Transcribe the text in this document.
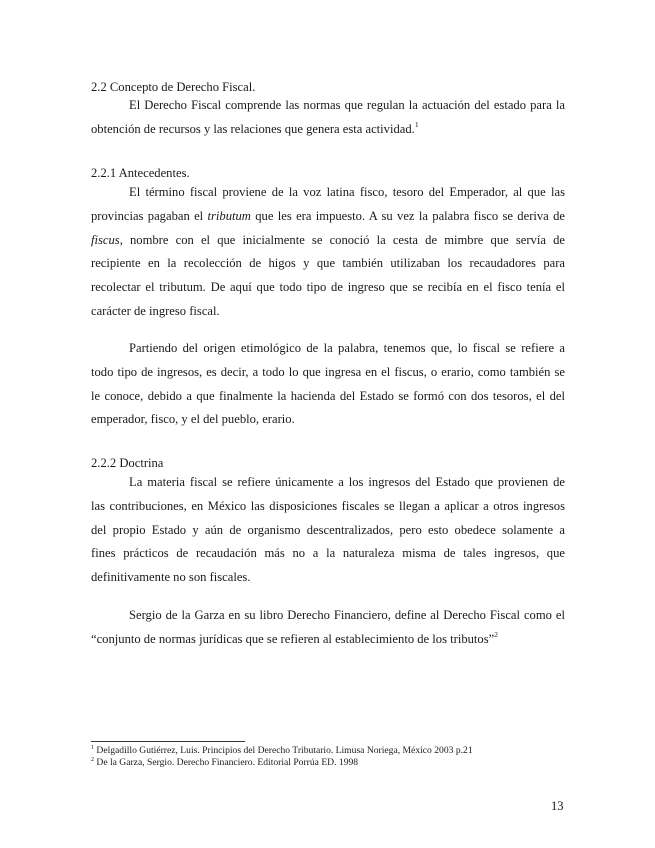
2.2 Concepto de Derecho Fiscal.
El Derecho Fiscal comprende las normas que regulan la actuación del estado para la
obtención de recursos y las relaciones que genera esta actividad.$^1$
2.2.1 Antecedentes.
El término fiscal proviene de la voz latina fisco, tesoro del Emperador, al que las
provincias pagaban el tributum que les era impuesto. A su vez la palabra fisco se deriva de
fiscus, nombre con el que inicialmente se conoció la cesta de mimbre que servía de
recipiente en la recolección de higos y que también utilizaban los recaudadores para
recolectar el tributum. De aquí que todo tipo de ingreso que se recibía en el fisco tenía el
carácter de ingreso fiscal.
Partiendo del origen etimológico de la palabra, tenemos que, lo fiscal se refiere a
todo tipo de ingresos, es decir, a todo lo que ingresa en el fiscus, o erario, como también se
le conoce, debido a que finalmente la hacienda del Estado se formó con dos tesoros, el del
emperador, fisco, y el del pueblo, erario.
2.2.2 Doctrina
La materia fiscal se refiere únicamente a los ingresos del Estado que provienen de
las contribuciones, en México las disposiciones fiscales se llegan a aplicar a otros ingresos
del propio Estado y aún de organismo descentralizados, pero esto obedece solamente a
fines prácticos de recaudación más no a la naturaleza misma de tales ingresos, que
definitivamente no son fiscales.
Sergio de la Garza en su libro Derecho Financiero, define al Derecho Fiscal como el
“conjunto de normas jurídicas que se refieren al establecimiento de los tributos”$^2$
$^1$ Delgadillo Gutiérrez, Luis. Principios del Derecho Tributario. Limusa Noriega, México 2003 p.21
$^2$ De la Garza, Sergio. Derecho Financiero. Editorial Porrúa ED. 1998
13
